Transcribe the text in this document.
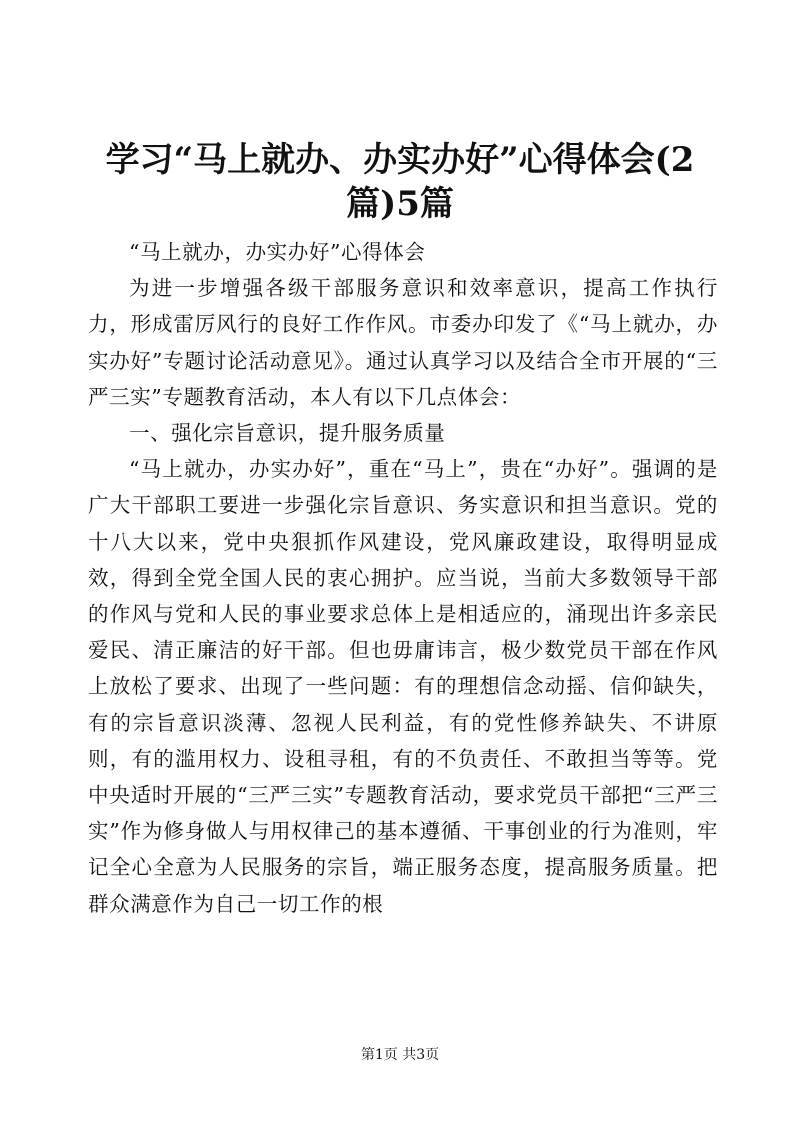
学习“马上就办、办实办好”心得体会(2篇)5篇

“马上就办，办实办好”心得体会

为进一步增强各级干部服务意识和效率意识，提高工作执行力，形成雷厉风行的良好工作作风。市委办印发了《“马上就办，办实办好”专题讨论活动意见》。通过认真学习以及结合全市开展的“三严三实”专题教育活动，本人有以下几点体会：

一、强化宗旨意识，提升服务质量

“马上就办，办实办好”，重在“马上”，贵在“办好”。强调的是广大干部职工要进一步强化宗旨意识、务实意识和担当意识。党的十八大以来，党中央狠抓作风建设，党风廉政建设，取得明显成效，得到全党全国人民的衷心拥护。应当说，当前大多数领导干部的作风与党和人民的事业要求总体上是相适应的，涌现出许多亲民爱民、清正廉洁的好干部。但也毋庸讳言，极少数党员干部在作风上放松了要求、出现了一些问题：有的理想信念动摇、信仰缺失，有的宗旨意识淡薄、忽视人民利益，有的党性修养缺失、不讲原则，有的滥用权力、设租寻租，有的不负责任、不敢担当等等。党中央适时开展的“三严三实”专题教育活动，要求党员干部把“三严三实”作为修身做人与用权律己的基本遵循、干事创业的行为准则，牢记全心全意为人民服务的宗旨，端正服务态度，提高服务质量。把群众满意作为自己一切工作的根

第1页 共3页
